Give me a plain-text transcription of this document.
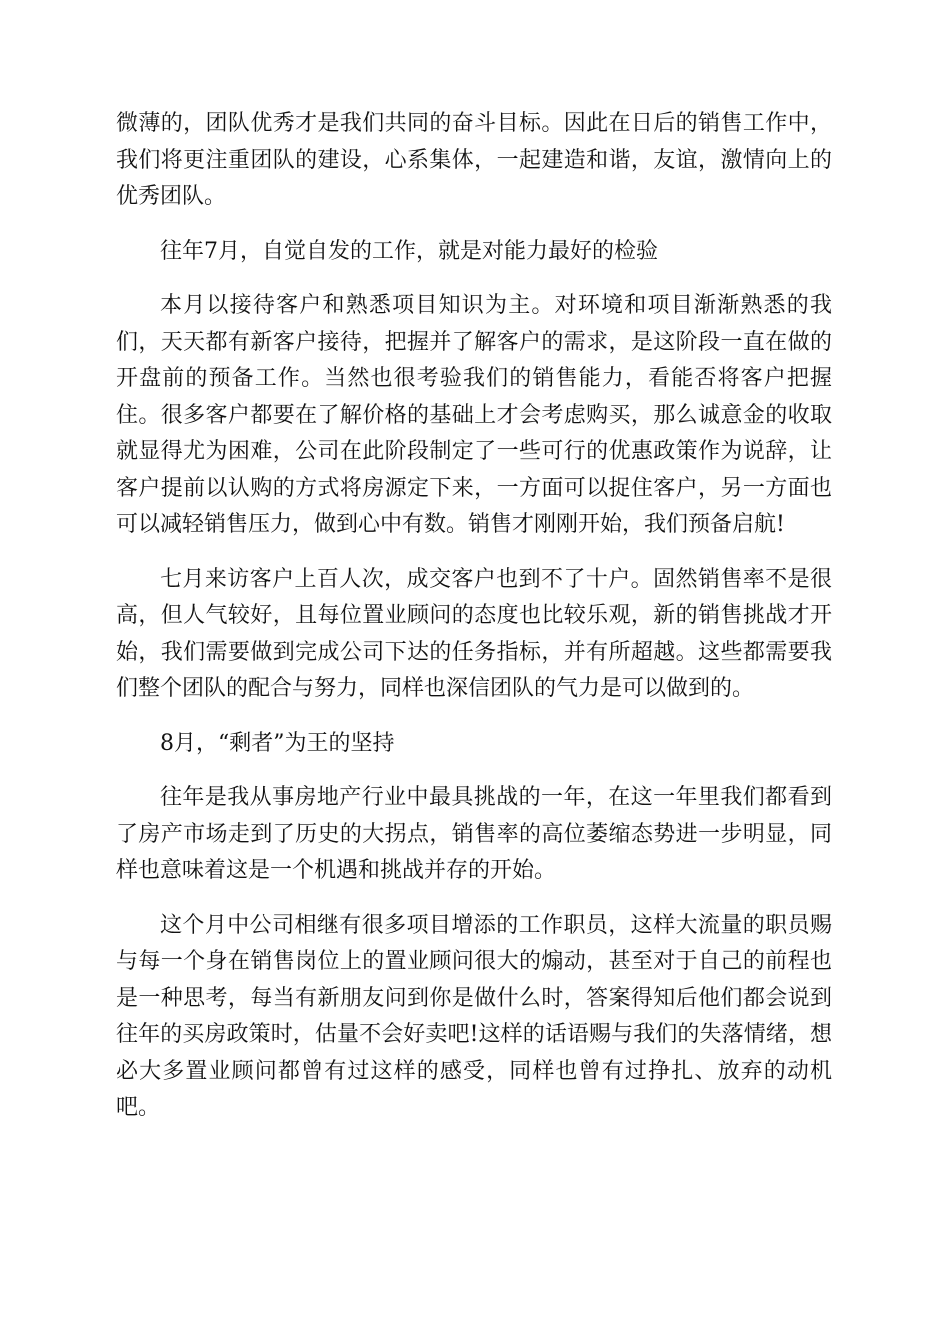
微薄的，团队优秀才是我们共同的奋斗目标。因此在日后的销售工作中，我们将更注重团队的建设，心系集体，一起建造和谐，友谊，激情向上的优秀团队。

往年7月，自觉自发的工作，就是对能力最好的检验

本月以接待客户和熟悉项目知识为主。对环境和项目渐渐熟悉的我们，天天都有新客户接待，把握并了解客户的需求，是这阶段一直在做的开盘前的预备工作。当然也很考验我们的销售能力，看能否将客户把握住。很多客户都要在了解价格的基础上才会考虑购买，那么诚意金的收取就显得尤为困难，公司在此阶段制定了一些可行的优惠政策作为说辞，让客户提前以认购的方式将房源定下来，一方面可以捉住客户，另一方面也可以减轻销售压力，做到心中有数。销售才刚刚开始，我们预备启航!

七月来访客户上百人次，成交客户也到不了十户。固然销售率不是很高，但人气较好，且每位置业顾问的态度也比较乐观，新的销售挑战才开始，我们需要做到完成公司下达的任务指标，并有所超越。这些都需要我们整个团队的配合与努力，同样也深信团队的气力是可以做到的。

8月，“剩者”为王的坚持

往年是我从事房地产行业中最具挑战的一年，在这一年里我们都看到了房产市场走到了历史的大拐点，销售率的高位萎缩态势进一步明显，同样也意味着这是一个机遇和挑战并存的开始。

这个月中公司相继有很多项目增添的工作职员，这样大流量的职员赐与每一个身在销售岗位上的置业顾问很大的煽动，甚至对于自己的前程也是一种思考，每当有新朋友问到你是做什么时，答案得知后他们都会说到往年的买房政策时，估量不会好卖吧!这样的话语赐与我们的失落情绪，想必大多置业顾问都曾有过这样的感受，同样也曾有过挣扎、放弃的动机吧。
